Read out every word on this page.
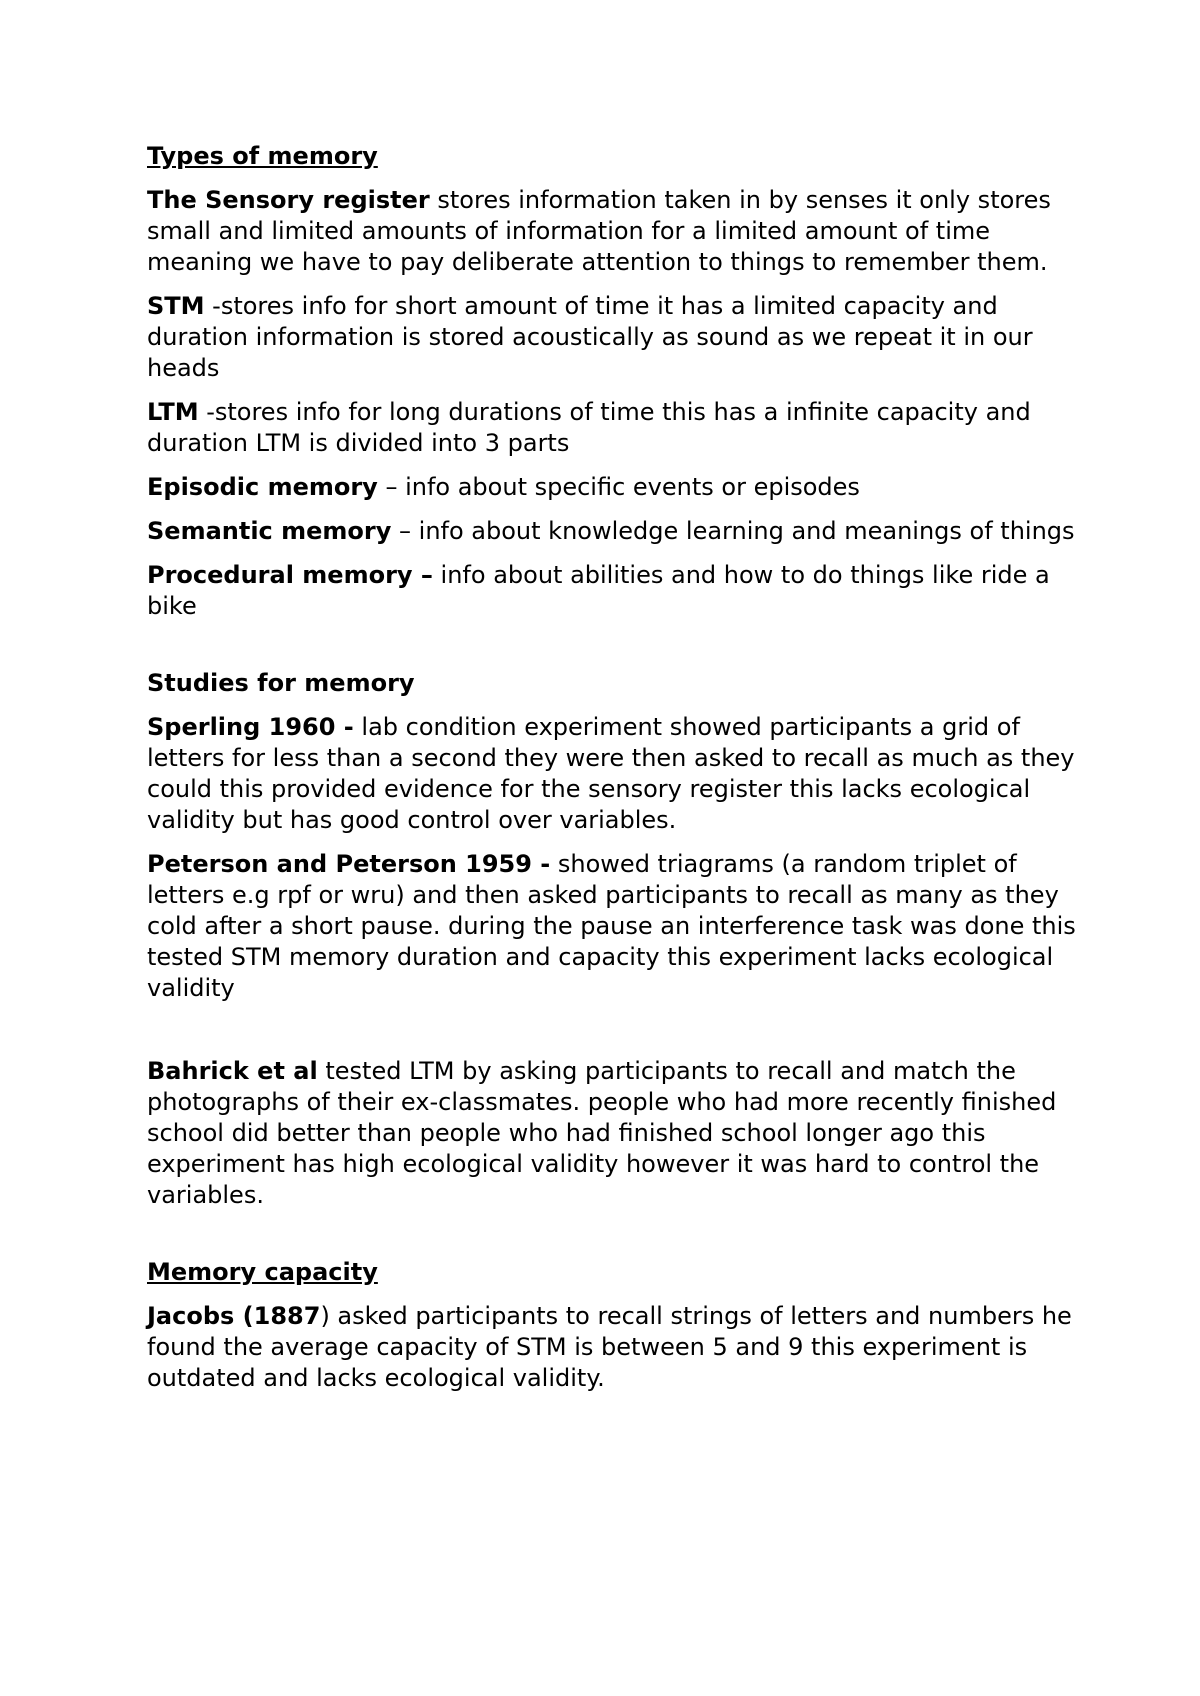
Types of memory

The Sensory register stores information taken in by senses it only stores small and limited amounts of information for a limited amount of time meaning we have to pay deliberate attention to things to remember them.

STM -stores info for short amount of time it has a limited capacity and duration information is stored acoustically as sound as we repeat it in our heads

LTM -stores info for long durations of time this has a infinite capacity and duration LTM is divided into 3 parts

Episodic memory – info about specific events or episodes

Semantic memory – info about knowledge learning and meanings of things

Procedural memory – info about abilities and how to do things like ride a bike

Studies for memory

Sperling 1960 - lab condition experiment showed participants a grid of letters for less than a second they were then asked to recall as much as they could this provided evidence for the sensory register this lacks ecological validity but has good control over variables.

Peterson and Peterson 1959 - showed triagrams (a random triplet of letters e.g rpf or wru) and then asked participants to recall as many as they cold after a short pause. during the pause an interference task was done this tested STM memory duration and capacity this experiment lacks ecological validity

Bahrick et al tested LTM by asking participants to recall and match the photographs of their ex-classmates. people who had more recently finished school did better than people who had finished school longer ago this experiment has high ecological validity however it was hard to control the variables.

Memory capacity

Jacobs (1887) asked participants to recall strings of letters and numbers he found the average capacity of STM is between 5 and 9 this experiment is outdated and lacks ecological validity.
